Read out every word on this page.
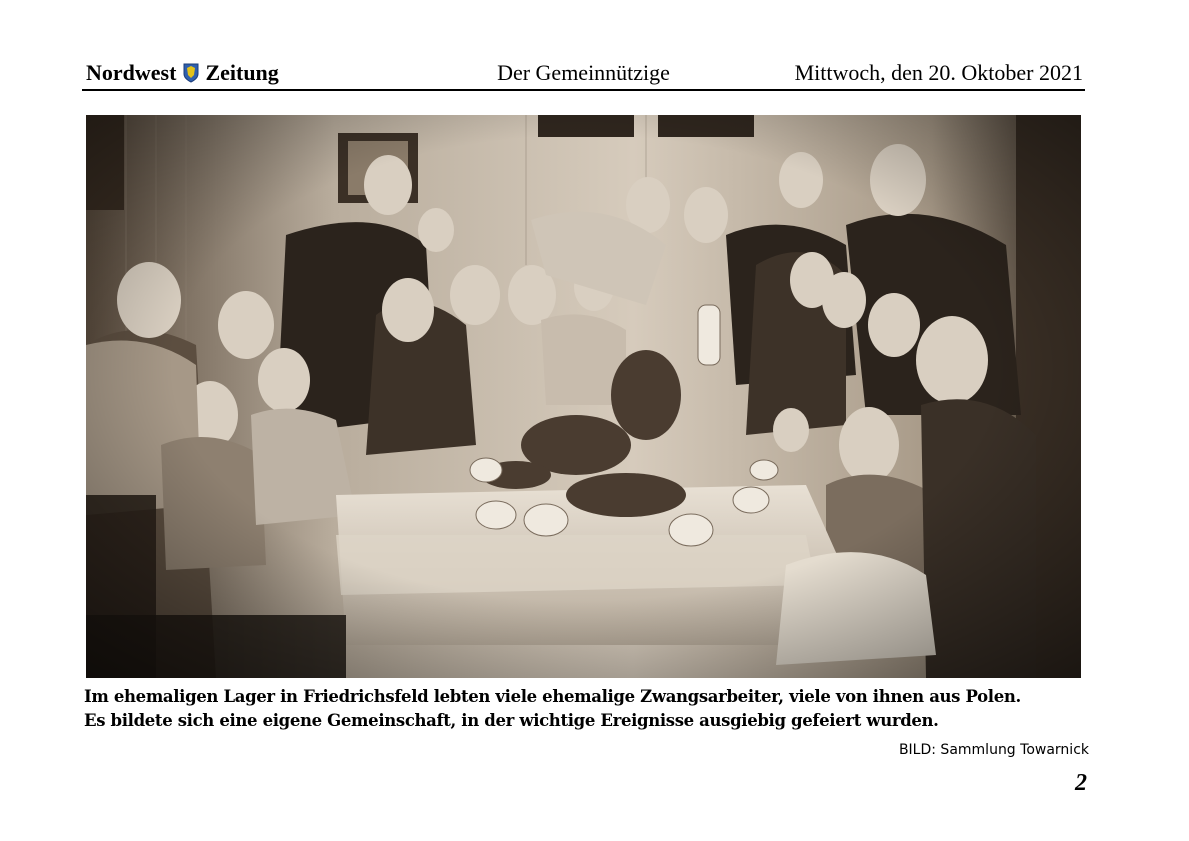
Nordwest Zeitung	Der Gemeinnützige	Mittwoch, den 20. Oktober 2021
Im ehemaligen Lager in Friedrichsfeld lebten viele ehemalige Zwangsarbeiter, viele von ihnen aus Polen.
Es bildete sich eine eigene Gemeinschaft, in der wichtige Ereignisse ausgiebig gefeiert wurden.
BILD: Sammlung Towarnick
2
